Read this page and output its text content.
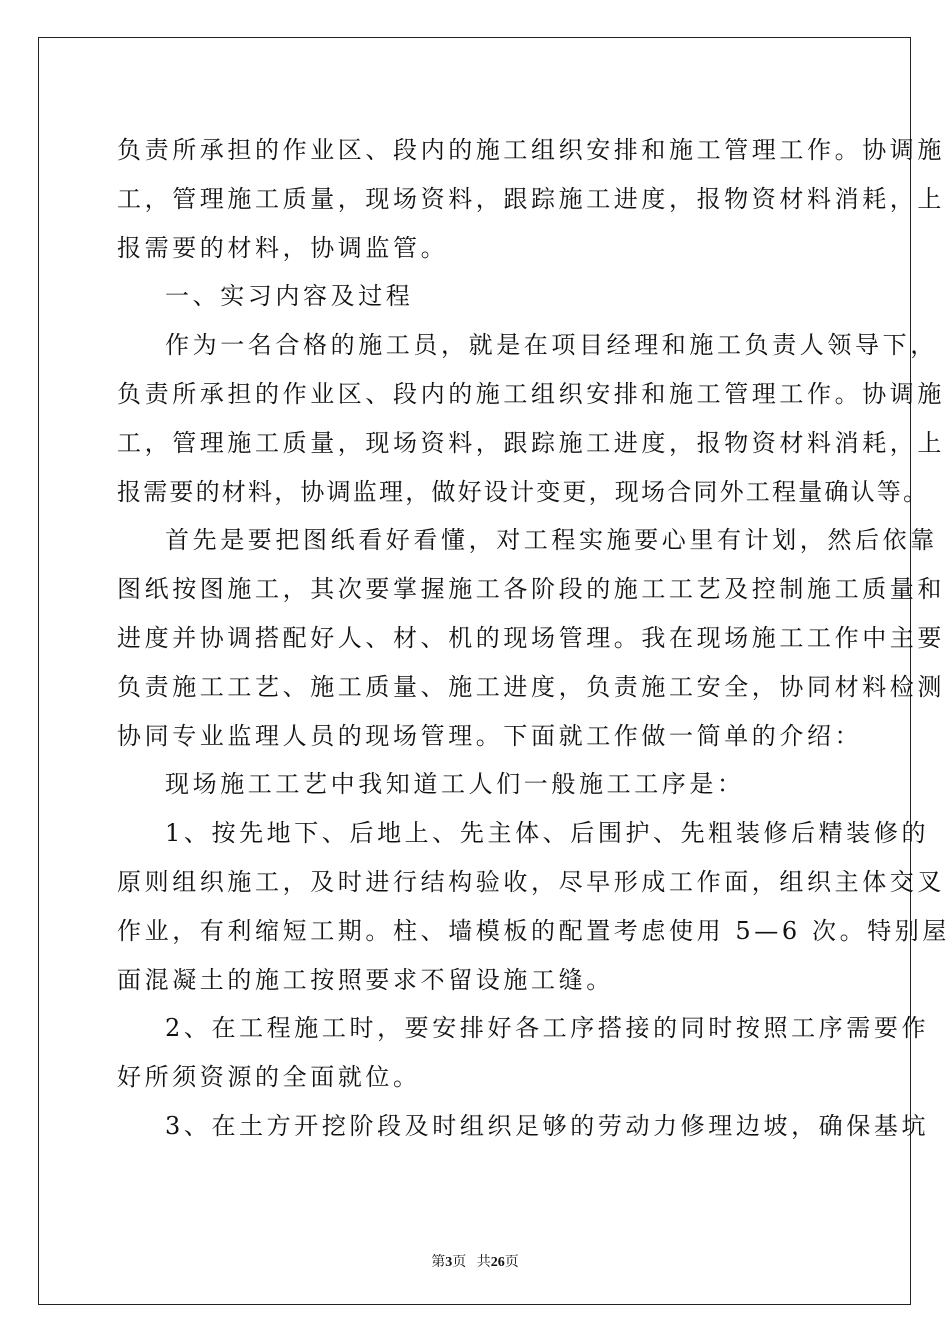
负责所承担的作业区、段内的施工组织安排和施工管理工作。协调施

工，管理施工质量，现场资料，跟踪施工进度，报物资材料消耗，上

报需要的材料，协调监管。

一、实习内容及过程

作为一名合格的施工员，就是在项目经理和施工负责人领导下，

负责所承担的作业区、段内的施工组织安排和施工管理工作。协调施

工，管理施工质量，现场资料，跟踪施工进度，报物资材料消耗，上

报需要的材料，协调监理，做好设计变更，现场合同外工程量确认等。

首先是要把图纸看好看懂，对工程实施要心里有计划，然后依靠

图纸按图施工，其次要掌握施工各阶段的施工工艺及控制施工质量和

进度并协调搭配好人、材、机的现场管理。我在现场施工工作中主要

负责施工工艺、施工质量、施工进度，负责施工安全，协同材料检测

协同专业监理人员的现场管理。下面就工作做一简单的介绍：

现场施工工艺中我知道工人们一般施工工序是：

1、按先地下、后地上、先主体、后围护、先粗装修后精装修的

原则组织施工，及时进行结构验收，尽早形成工作面，组织主体交叉

作业，有利缩短工期。柱、墙模板的配置考虑使用 5—6 次。特别屋

面混凝土的施工按照要求不留设施工缝。

2、在工程施工时，要安排好各工序搭接的同时按照工序需要作

好所须资源的全面就位。

3、在土方开挖阶段及时组织足够的劳动力修理边坡，确保基坑

第3页   共26页
